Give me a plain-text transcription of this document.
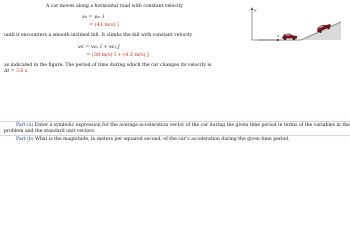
A car moves along a horizontal road with constant velocity
v₀ = v₀ₓ î
= (41 m/s) î
until it encounters a smooth inclined hill. It climbs the hill with constant velocity
vᴄ = vᴄₓ î + vᴄᵧ ĵ
= (38 m/s) î + (4.2 m/s) ĵ
as indicated in the figure. The period of time during which the car changes its velocity is
Δt = 3.6 s.
y
x
Part (a) Enter a symbolic expression for the average acceleration vector of the car during the given time period in terms of the variables in the
problem and the standard unit vectors.
Part (b) What is the magnitude, in meters per squared second, of the car’s acceleration during the given time period.
